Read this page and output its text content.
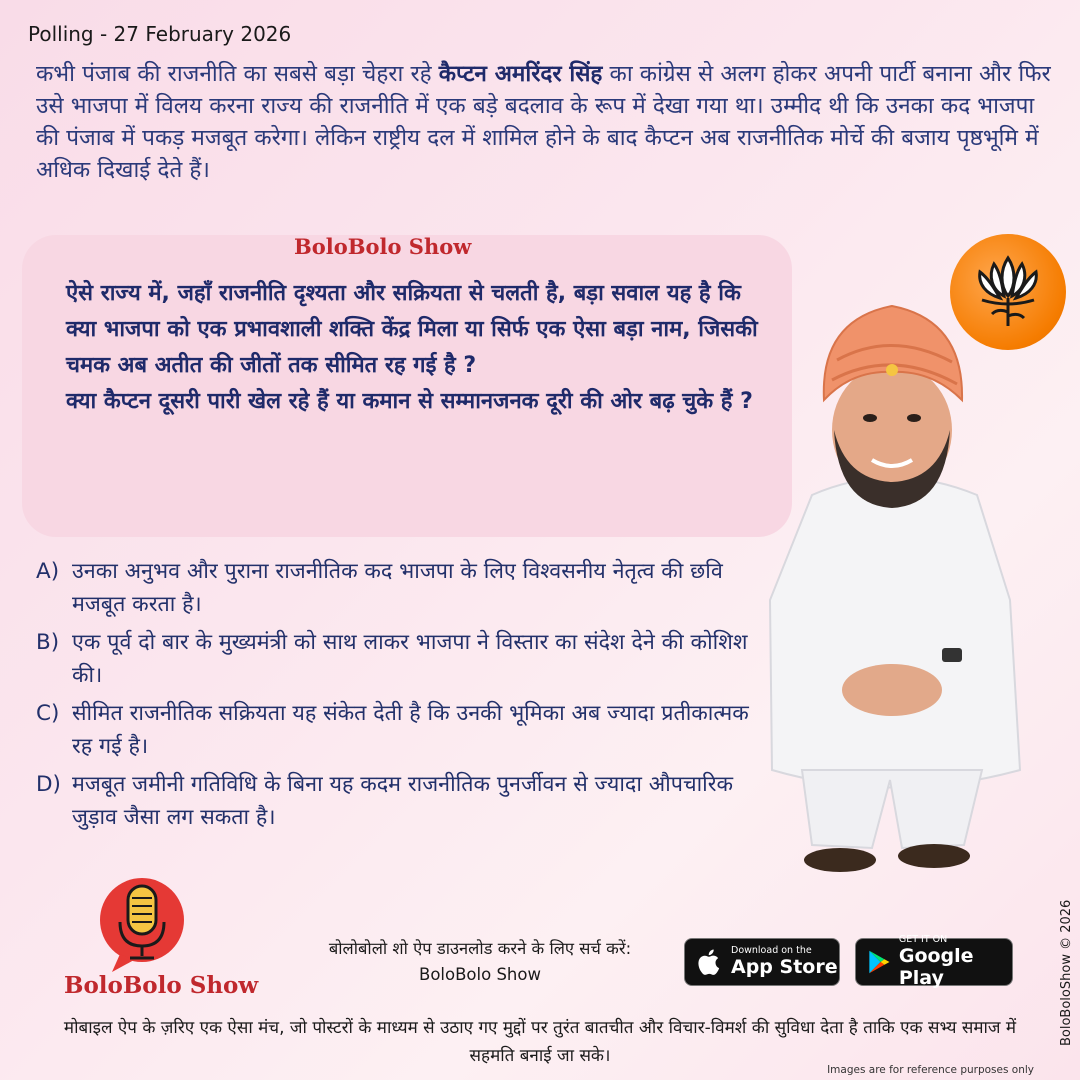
Polling - 27 February 2026
कभी पंजाब की राजनीति का सबसे बड़ा चेहरा रहे कैप्टन अमरिंदर सिंह का कांग्रेस से अलग होकर अपनी पार्टी बनाना और फिर उसे भाजपा में विलय करना राज्य की राजनीति में एक बड़े बदलाव के रूप में देखा गया था। उम्मीद थी कि उनका कद भाजपा की पंजाब में पकड़ मजबूत करेगा। लेकिन राष्ट्रीय दल में शामिल होने के बाद कैप्टन अब राजनीतिक मोर्चे की बजाय पृष्ठभूमि में अधिक दिखाई देते हैं।
BoloBolo Show
ऐसे राज्य में, जहाँ राजनीति दृश्यता और सक्रियता से चलती है, बड़ा सवाल यह है कि क्या भाजपा को एक प्रभावशाली शक्ति केंद्र मिला या सिर्फ एक ऐसा बड़ा नाम, जिसकी चमक अब अतीत की जीतों तक सीमित रह गई है ?
क्या कैप्टन दूसरी पारी खेल रहे हैं या कमान से सम्मानजनक दूरी की ओर बढ़ चुके हैं ?
A) उनका अनुभव और पुराना राजनीतिक कद भाजपा के लिए विश्वसनीय नेतृत्व की छवि मजबूत करता है।
B) एक पूर्व दो बार के मुख्यमंत्री को साथ लाकर भाजपा ने विस्तार का संदेश देने की कोशिश की।
C) सीमित राजनीतिक सक्रियता यह संकेत देती है कि उनकी भूमिका अब ज्यादा प्रतीकात्मक रह गई है।
D) मजबूत जमीनी गतिविधि के बिना यह कदम राजनीतिक पुनर्जीवन से ज्यादा औपचारिक जुड़ाव जैसा लग सकता है।
BoloBolo Show
बोलोबोलो शो ऐप डाउनलोड करने के लिए सर्च करें:
BoloBolo Show
Download on the
App Store
GET IT ON
Google Play
मोबाइल ऐप के ज़रिए एक ऐसा मंच, जो पोस्टरों के माध्यम से उठाए गए मुद्दों पर तुरंत बातचीत और विचार-विमर्श की सुविधा देता है ताकि एक सभ्य समाज में सहमति बनाई जा सके।
Images are for reference purposes only
BoloBoloShow © 2026
